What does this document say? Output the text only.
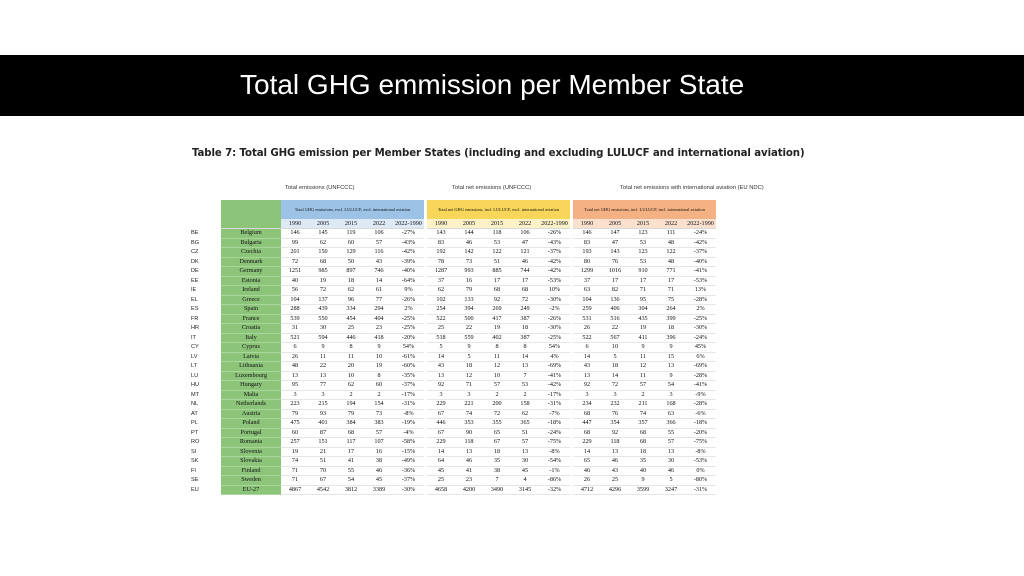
Total GHG emmission per Member State
Table 7: Total GHG emission per Member States (including and excluding LULUCF and international aviation)
Total emissions (UNFCCC)	Total net emissions (UNFCCC)	Total net emissions with international aviation (EU NDC)
		Total GHG emissions, excl. LULUCF, excl. international aviation						Total net GHG emissions, incl. LULUCF, excl. international aviation						Total net GHG emissions, incl. LULUCF, incl. international aviation				
		1990	2005	2015	2022	2022-1990		1990	2005	2015	2022	2022-1990		1990	2005	2015	2022	2022-1990
BE	Belgium	146	145	119	106	-27%		143	144	118	106	-26%		146	147	123	111	-24%
BG	Bulgaria	99	62	60	57	-43%		83	46	53	47	-43%		83	47	53	48	-42%
CZ	Czechia	201	150	129	116	-42%		192	142	122	121	-37%		193	143	123	122	-37%
DK	Denmark	72	68	50	43	-39%		78	73	51	46	-42%		80	76	53	48	-40%
DE	Germany	1251	985	897	746	-40%		1287	993	885	744	-42%		1299	1016	910	771	-41%
EE	Estonia	40	19	18	14	-64%		37	16	17	17	-53%		37	17	17	17	-53%
IE	Ireland	56	72	62	61	9%		62	79	68	68	10%		63	82	71	71	13%
EL	Greece	104	137	96	77	-26%		102	133	92	72	-30%		104	136	95	75	-28%
ES	Spain	288	439	334	294	2%		254	394	269	249	-2%		259	406	304	264	2%
FR	France	539	550	454	404	-25%		522	500	417	387	-26%		531	516	435	399	-25%
HR	Croatia	31	30	25	23	-25%		25	22	19	18	-30%		26	22	19	18	-30%
IT	Italy	521	594	446	418	-20%		518	559	402	387	-25%		522	567	411	396	-24%
CY	Cyprus	6	9	8	9	54%		5	9	8	8	54%		6	10	9	9	45%
LV	Latvia	26	11	11	10	-61%		14	5	11	14	4%		14	5	11	15	6%
LT	Lithuania	48	22	20	19	-60%		43	18	12	13	-69%		43	18	12	13	-69%
LU	Luxembourg	13	13	10	8	-35%		13	12	10	7	-41%		13	14	11	9	-28%
HU	Hungary	95	77	62	60	-37%		92	71	57	53	-42%		92	72	57	54	-41%
MT	Malta	3	3	2	2	-17%		3	3	2	2	-17%		3	3	2	3	-9%
NL	Netherlands	223	215	194	154	-31%		229	221	200	158	-31%		234	232	211	168	-28%
AT	Austria	79	93	79	73	-8%		67	74	72	62	-7%		68	76	74	63	-6%
PL	Poland	475	401	384	383	-19%		446	353	355	365	-18%		447	354	357	366	-18%
PT	Portugal	60	87	68	57	-4%		67	90	65	51	-24%		68	92	68	55	-20%
RO	Romania	257	151	117	107	-58%		229	118	67	57	-75%		229	118	68	57	-75%
SI	Slovenia	19	21	17	16	-15%		14	13	18	13	-8%		14	13	18	13	-8%
SK	Slovakia	74	51	41	38	-49%		64	46	35	30	-54%		65	46	35	30	-53%
FI	Finland	71	70	55	46	-36%		45	41	38	45	-1%		46	43	40	46	0%
SE	Sweden	71	67	54	45	-37%		25	23	7	4	-86%		26	25	9	5	-80%
EU	EU-27	4867	4542	3812	3389	-30%		4658	4200	3490	3145	-32%		4712	4296	3599	3247	-31%
